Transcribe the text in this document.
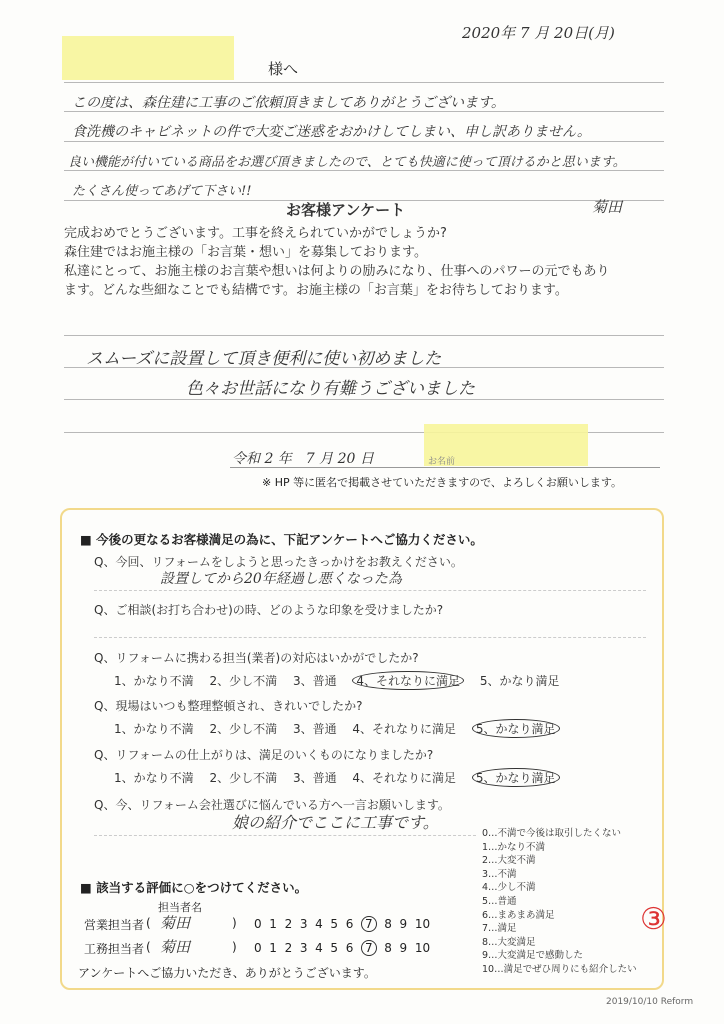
2020年 7 月 20日(月)
様へ
この度は、森住建に工事のご依頼頂きましてありがとうございます。
食洗機のキャビネットの件で大変ご迷惑をおかけしてしまい、申し訳ありません。
良い機能が付いている商品をお選び頂きましたので、とても快適に使って頂けるかと思います。
たくさん使ってあげて下さい!!
菊田
お客様アンケート
完成おめでとうございます。工事を終えられていかがでしょうか?
森住建ではお施主様の「お言葉・想い」を募集しております。
私達にとって、お施主様のお言葉や想いは何よりの励みになり、仕事へのパワーの元でもあり
ます。どんな些細なことでも結構です。お施主様の「お言葉」をお待ちしております。
スムーズに設置して頂き便利に使い初めました
色々お世話になり有難うございました
令和 2 年　7 月 20 日	お名前
※ HP 等に匿名で掲載させていただきますので、よろしくお願いします。
■ 今後の更なるお客様満足の為に、下記アンケートへご協力ください。
Q、今回、リフォームをしようと思ったきっかけをお教えください。
設置してから20年経過し悪くなった為
Q、ご相談(お打ち合わせ)の時、どのような印象を受けましたか?
Q、リフォームに携わる担当(業者)の対応はいかがでしたか?
1、かなり不満　 2、少し不満　 3、普通　 4、それなりに満足　 5、かなり満足
Q、現場はいつも整理整頓され、きれいでしたか?
1、かなり不満　 2、少し不満　 3、普通　 4、それなりに満足　 5、かなり満足
Q、リフォームの仕上がりは、満足のいくものになりましたか?
1、かなり不満　 2、少し不満　 3、普通　 4、それなりに満足　 5、かなり満足
Q、今、リフォーム会社選びに悩んでいる方へ一言お願いします。
娘の紹介でここに工事です。
■ 該当する評価に○をつけてください。
担当者名
営業担当者 ( 菊田	) 0 1 2 3 4 5 6 7 8 9 10
工務担当者 ( 菊田	) 0 1 2 3 4 5 6 7 8 9 10
アンケートへご協力いただき、ありがとうございます。
0…不満で今後は取引したくない
1…かなり不満
2…大変不満
3…不満
4…少し不満
5…普通
6…まあまあ満足
7…満足
8…大変満足
9…大変満足で感動した
10…満足でぜひ周りにも紹介したい
③
2019/10/10 Reform
